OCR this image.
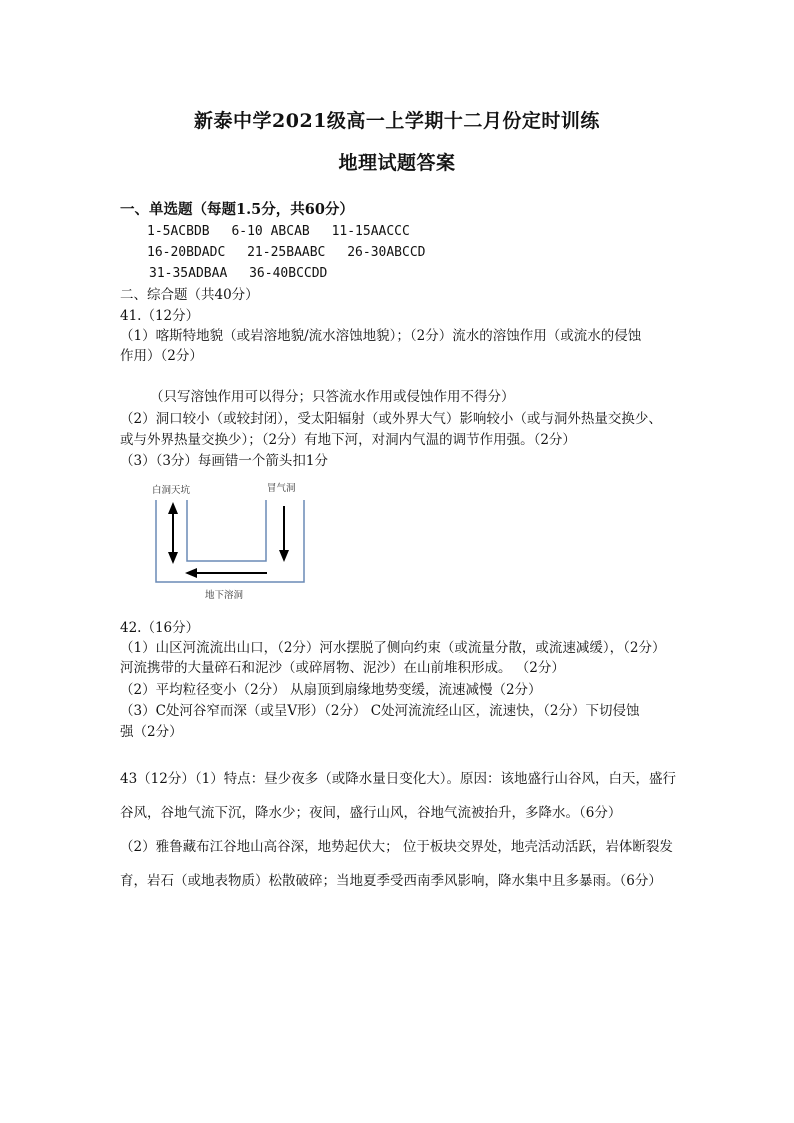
新泰中学2021级高一上学期十二月份定时训练
地理试题答案
一、单选题（每题1.5分，共60分）
1-5ACBDB 6-10 ABCAB 11-15AACCC
16-20BDADC 21-25BAABC 26-30ABCCD
31-35ADBAA 36-40BCCDD
二、综合题（共40分）
41.（12分）
（1）喀斯特地貌（或岩溶地貌/流水溶蚀地貌）；（2分）流水的溶蚀作用（或流水的侵蚀
作用）（2分）
（只写溶蚀作用可以得分；只答流水作用或侵蚀作用不得分）
（2）洞口较小（或较封闭），受太阳辐射（或外界大气）影响较小（或与洞外热量交换少、
或与外界热量交换少）；（2分）有地下河，对洞内气温的调节作用强。（2分）
（3）（3分）每画错一个箭头扣1分
白洞天坑	冒气洞
地下溶洞
42.（16分）
（1）山区河流流出山口，（2分）河水摆脱了侧向约束（或流量分散，或流速减缓），（2分）
河流携带的大量碎石和泥沙（或碎屑物、泥沙）在山前堆积形成。 （2分）
（2）平均粒径变小（2分） 从扇顶到扇缘地势变缓，流速减慢（2分）
（3）C处河谷窄而深（或呈V形）（2分） C处河流流经山区，流速快，（2分）下切侵蚀
强（2分）
43（12分）（1）特点：昼少夜多（或降水量日变化大）。原因：该地盛行山谷风，白天，盛行谷风，谷地气流下沉，降水少；夜间，盛行山风，谷地气流被抬升，多降水。（6分）
（2）雅鲁藏布江谷地山高谷深，地势起伏大； 位于板块交界处，地壳活动活跃，岩体断裂发育，岩石（或地表物质）松散破碎；当地夏季受西南季风影响，降水集中且多暴雨。（6分）
